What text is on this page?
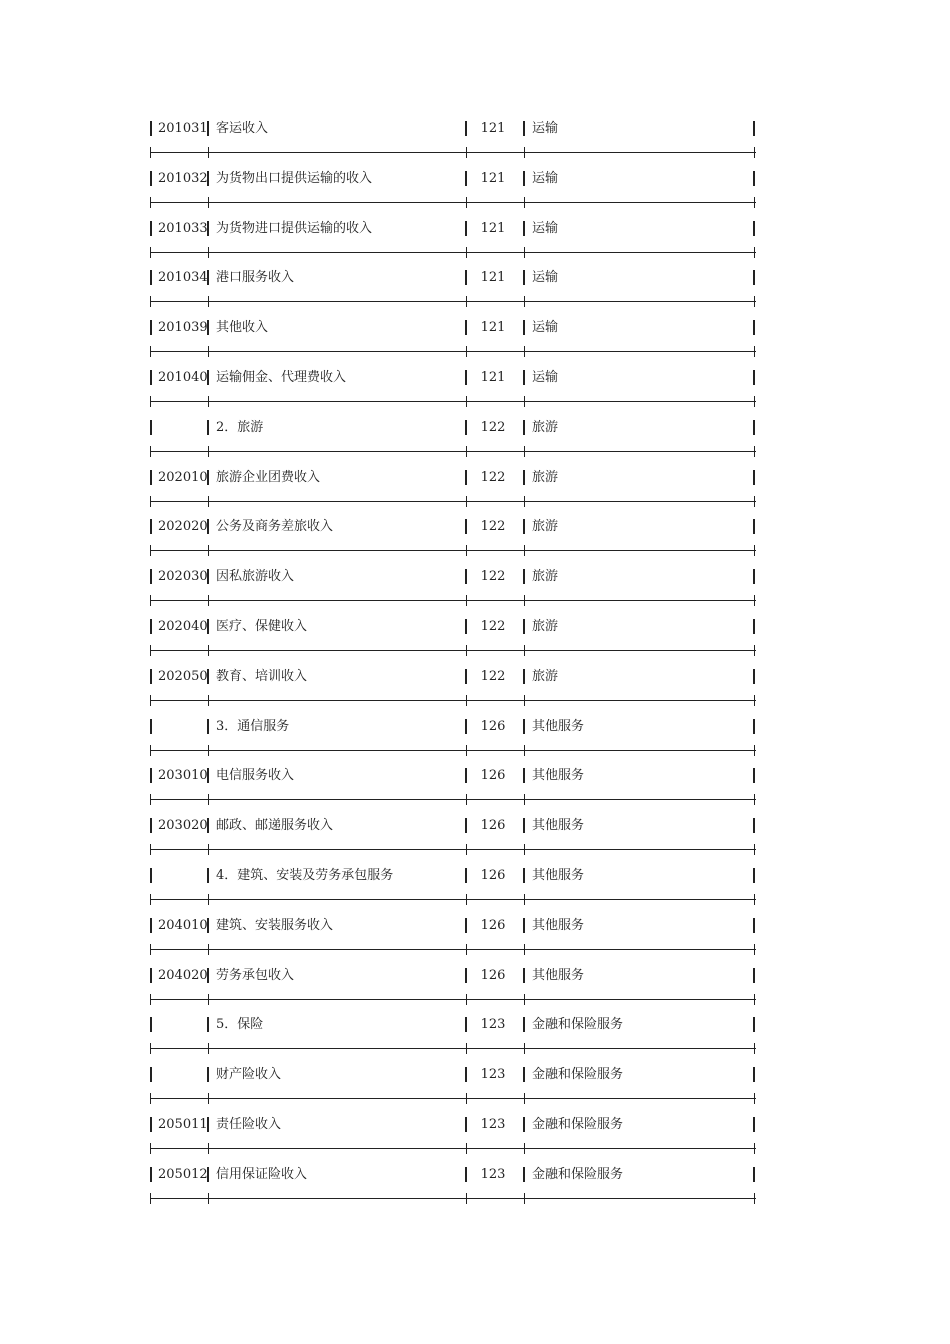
201031 客运收入	121	运输
201032 为货物出口提供运输的收入	121	运输
201033 为货物进口提供运输的收入	121	运输
201034 港口服务收入	121	运输
201039 其他收入	121	运输
201040 运输佣金、代理费收入	121	运输
2．旅游	122	旅游
202010 旅游企业团费收入	122	旅游
202020 公务及商务差旅收入	122	旅游
202030 因私旅游收入	122	旅游
202040 医疗、保健收入	122	旅游
202050 教育、培训收入	122	旅游
3．通信服务	126	其他服务
203010 电信服务收入	126	其他服务
203020 邮政、邮递服务收入	126	其他服务
4．建筑、安装及劳务承包服务	126	其他服务
204010 建筑、安装服务收入	126	其他服务
204020 劳务承包收入	126	其他服务
5．保险	123	金融和保险服务
财产险收入	123	金融和保险服务
205011 责任险收入	123	金融和保险服务
205012 信用保证险收入	123	金融和保险服务
